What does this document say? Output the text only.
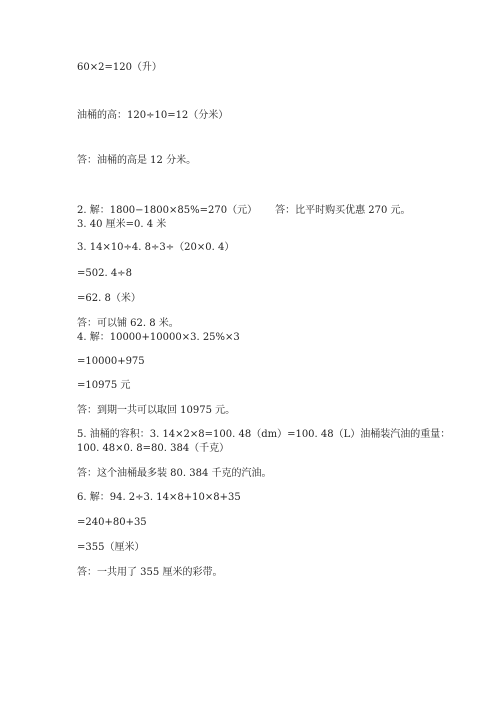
60×2=120（升）
油桶的高：120÷10=12（分米）
答：油桶的高是 12 分米。
2. 解：1800−1800×85%=270（元） 答：比平时购买优惠 270 元。
3. 40 厘米=0. 4 米
3. 14×10÷4. 8÷3÷（20×0. 4）
=502. 4÷8
=62. 8（米）
答：可以铺 62. 8 米。
4. 解：10000+10000×3. 25%×3
=10000+975
=10975 元
答：到期一共可以取回 10975 元。
5. 油桶的容积：3. 14×2×8=100. 48（dm）=100. 48（L）油桶装汽油的重量：
100. 48×0. 8=80. 384（千克）
答：这个油桶最多装 80. 384 千克的汽油。
6. 解：94. 2÷3. 14×8+10×8+35
=240+80+35
=355（厘米）
答：一共用了 355 厘米的彩带。
